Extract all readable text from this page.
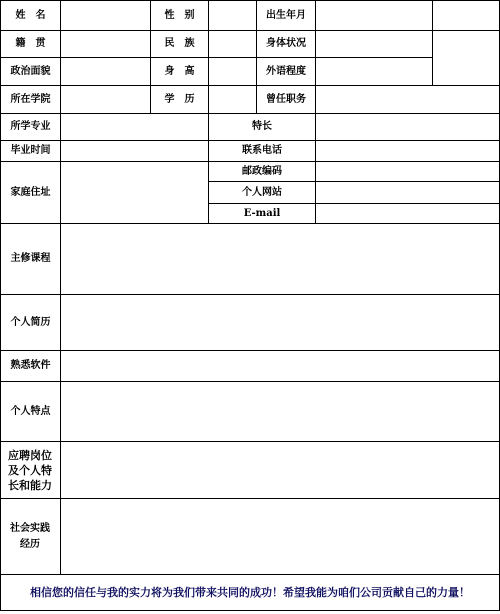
姓　名	性　别	出生年月
籍　贯	民　族	身体状况
政治面貌	身　高	外语程度
所在学院	学　历	曾任职务
所学专业	特长
毕业时间	联系电话
家庭住址
邮政编码
个人网站
E-mail
主修课程
个人简历
熟悉软件
个人特点
应聘岗位及个人特长和能力
社会实践经历
相信您的信任与我的实力将为我们带来共同的成功！希望我能为咱们公司贡献自己的力量！
